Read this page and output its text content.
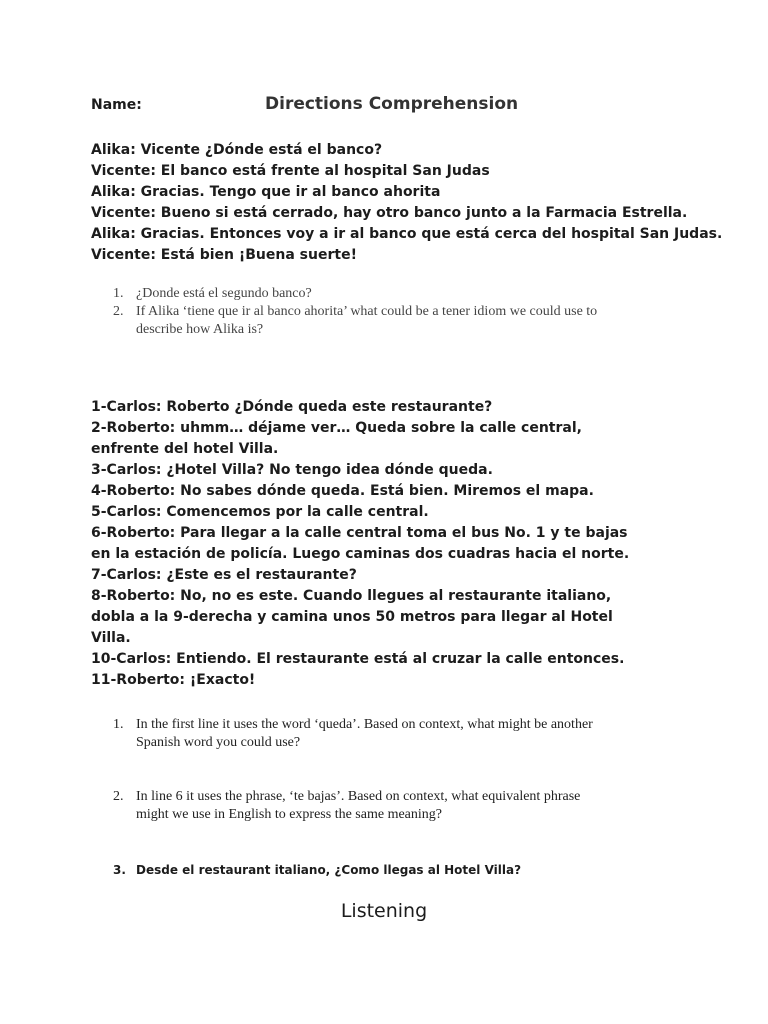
Name:	Directions Comprehension
Alika: Vicente ¿Dónde está el banco?
Vicente: El banco está frente al hospital San Judas
Alika: Gracias. Tengo que ir al banco ahorita
Vicente: Bueno si está cerrado, hay otro banco junto a la Farmacia Estrella.
Alika: Gracias. Entonces voy a ir al banco que está cerca del hospital San Judas.
Vicente: Está bien ¡Buena suerte!
1. ¿Donde está el segundo banco?
2. If Alika ‘tiene que ir al banco ahorita’ what could be a tener idiom we could use to describe how Alika is?
1-Carlos: Roberto ¿Dónde queda este restaurante?
2-Roberto: uhmm… déjame ver… Queda sobre la calle central, enfrente del hotel Villa.
3-Carlos: ¿Hotel Villa? No tengo idea dónde queda.
4-Roberto: No sabes dónde queda. Está bien. Miremos el mapa.
5-Carlos: Comencemos por la calle central.
6-Roberto: Para llegar a la calle central toma el bus No. 1 y te bajas en la estación de policía. Luego caminas dos cuadras hacia el norte.
7-Carlos: ¿Este es el restaurante?
8-Roberto: No, no es este. Cuando llegues al restaurante italiano, dobla a la 9-derecha y camina unos 50 metros para llegar al Hotel Villa.
10-Carlos: Entiendo. El restaurante está al cruzar la calle entonces.
11-Roberto: ¡Exacto!
1. In the first line it uses the word ‘queda’. Based on context, what might be another Spanish word you could use?
2. In line 6 it uses the phrase, ‘te bajas’. Based on context, what equivalent phrase might we use in English to express the same meaning?
3. Desde el restaurant italiano, ¿Como llegas al Hotel Villa?
Listening
